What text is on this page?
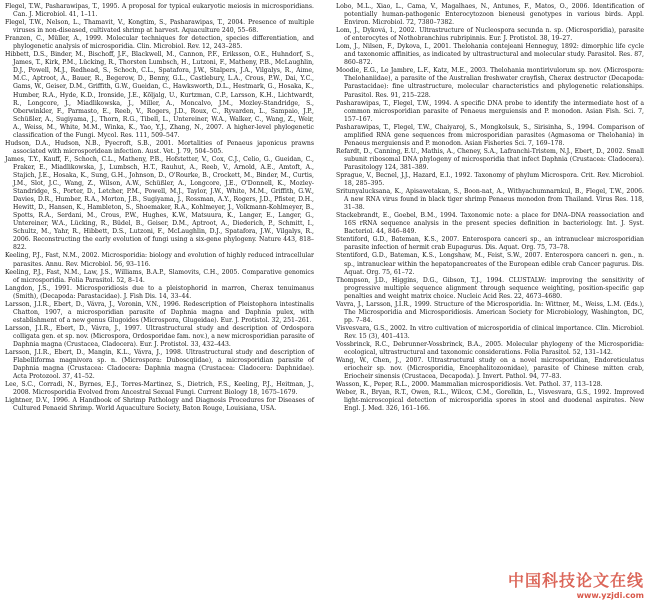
Flegel, T.W., Pasharawipas, T., 1995. A proposal for typical eukaryotic meiosis in microsporidians. Can. J. Microbiol. 41, 1–11.

Flegel, T.W., Nelson, L., Thamavit, V., Kongtim, S., Pasharawipas, T., 2004. Presence of multiple viruses in non-diseased, cultivated shrimp at harvest. Aquaculture 240, 55–68.

Franzen, C., Müller, A., 1999. Molecular techniques for detection, species differentiation, and phylogenetic analysis of microsporidia. Clin. Microbiol. Rev. 12, 243–285.

Hibbett, D.S., Binder, M., Bischoff, J.F., Blackwell, M., Cannon, P.F., Eriksson, O.E., Huhndorf, S., James, T., Kirk, P.M., Lücking, R., Thorsten Lumbsch, H., Lutzoni, F., Matheny, P.B., McLaughlin, D.J., Powell, M.J., Redhead, S., Schoch, C.L., Spatafora, J.W., Stalpers, J.A., Vilgalys, R., Aime, M.C., Aptroot, A., Bauer, R., Begerow, D., Benny, G.L., Castlebury, L.A., Crous, P.W., Dai, Y.C., Gams, W., Geiser, D.M., Griffith, G.W., Gueidan, C., Hawksworth, D.L., Hestmark, G., Hosaka, K., Humber, R.A., Hyde, K.D., Ironside, J.E., Kõljalg, U., Kurtzman, C.P., Larsson, K.H., Lichtwardt, R., Longcore, J., Miadlikowska, J., Miller, A., Moncalvo, J.M., Mozley-Standridge, S., Oberwinkler, F., Parmasto, E., Reeb, V., Rogers, J.D., Roux, C., Ryvarden, L., Sampaio, J.P., Schüßler, A., Sugiyama, J., Thorn, R.G., Tibell, L., Untereiner, W.A., Walker, C., Wang, Z., Weir, A., Weiss, M., White, M.M., Winka, K., Yao, Y.J., Zhang, N., 2007. A higher-level phylogenetic classification of the Fungi. Mycol. Res. 111, 509–547.

Hudson, D.A., Hudson, N.B., Pyecroft, S.B., 2001. Mortalities of Penaeus japonicus prawns associated with microsporidean infection. Aust. Vet. J. 79, 504–505.

James, T.Y., Kauff, F., Schoch, C.L., Matheny, P.B., Hofstetter, V., Cox, C.J., Celio, G., Gueidan, C., Fraker, E., Miadlikowska, J., Lumbsch, H.T., Rauhut, A., Reeb, V., Arnold, A.E., Amtoft, A., Stajich, J.E., Hosaka, K., Sung, G.H., Johnson, D., O'Rourke, B., Crockett, M., Binder, M., Curtis, J.M., Slot, J.C., Wang, Z., Wilson, A.W., Schüßler, A., Longcore, J.E., O'Donnell, K., Mozley-Standridge, S., Porter, D., Letcher, P.M., Powell, M.J., Taylor, J.W., White, M.M., Griffith, G.W., Davies, D.R., Humber, R.A., Morton, J.B., Sugiyama, J., Rossman, A.Y., Rogers, J.D., Pfister, D.H., Hewitt, D., Hansen, K., Hambleton, S., Shoemaker, R.A., Kohlmeyer, J., Volkmann-Kohlmeyer, B., Spotts, R.A., Serdani, M., Crous, P.W., Hughes, K.W., Matsuura, K., Langer, E., Langer, G., Untereiner, W.A., Lücking, R., Büdel, B., Geiser, D.M., Aptroot, A., Diederich, P., Schmitt, I., Schultz, M., Yahr, R., Hibbett, D.S., Lutzoni, F., McLaughlin, D.J., Spatafora, J.W., Vilgalys, R., 2006. Reconstructing the early evolution of fungi using a six-gene phylogeny. Nature 443, 818–822.

Keeling, P.J., Fast, N.M., 2002. Microsporidia: biology and evolution of highly reduced intracellular parasites. Annu. Rev. Microbiol. 56, 93–116.

Keeling, P.J., Fast, N.M., Law, J.S., Williams, B.A.P., Slamovits, C.H., 2005. Comparative genomics of microsporidia. Folia Parasitol. 52, 8–14.

Langdon, J.S., 1991. Microsporidiosis due to a pleistophorid in marron, Cherax tenuimanus (Smith), (Decapoda: Parastacidae). J. Fish Dis. 14, 33–44.

Larsson, J.I.R., Ebert, D., Vávra, J., Voronin, V.N., 1996. Redescription of Pleistophora intestinalis Chatton, 1907, a microsporidian parasite of Daphnia magna and Daphnia pulex, with establishment of a new genus Glugoides (Microspora, Glugeidae). Eur. J. Protistol. 32, 251–261.

Larsson, J.I.R., Ebert, D., Vávra, J., 1997. Ultrastructural study and description of Ordospora colligata gen. et sp. nov. (Microspora, Ordosporidae fam. nov.), a new microsporidian parasite of Daphnia magna (Crustacea, Cladocera). Eur. J. Protistol. 33, 432–443.

Larsson, J.I.R., Ebert, D., Mangin, K.L., Vávra, J., 1998. Ultrastructural study and description of Flabelliforma magnivora sp. n. (Microspora: Duboscqiidae), a microsporidian parasite of Daphnia magna (Crustacea: Cladocera: Daphnia magna (Crustacea: Cladocera: Daphnidae). Acta Protozool. 37, 41–52.

Lee, S.C., Corradi, N., Byrnes, E.J., Torres-Martinez, S., Dietrich, F.S., Keeling, P.J., Heitman, J., 2008. Microsporidia Evolved from Ancestral Sexual Fungi. Current Biology 18, 1675–1679.

Lightner, D.V., 1996. A Handbook of Shrimp Pathology and Diagnosis Procedures for Diseases of Cultured Penaeid Shrimp. World Aquaculture Society, Baton Rouge, Louisiana, USA.

Lobo, M.L., Xiao, L., Cama, V., Magalhaes, N., Antunes, F., Matos, O., 2006. Identification of potentially human-pathogenic Enterocytozoon bieneusi genotypes in various birds. Appl. Environ. Microbiol. 72, 7380–7382.

Lom, J., Dyková, I., 2002. Ultrastructure of Nucleospora secunda n. sp. (Microsporidia), parasite of enterocytes of Nothobranchius rubripinnis. Eur. J. Protistol. 38, 19–27.

Lom, J., Nilsen, F., Dykova, I., 2001. Thelohania contejeani Henneguy, 1892: dimorphic life cycle and taxonomic affinities, as indicated by ultrastructural and molecular study. Parasitol. Res. 87, 860–872.

Moodie, E.G., Le Jambre, L.F., Katz, M.E., 2003. Thelohania montirivulorum sp. nov. (Microspora: Thelohaniidae), a parasite of the Australian freshwater crayfish, Cherax destructor (Decapoda: Parastacidae): fine ultrastructure, molecular characteristics and phylogenetic relationships. Parasitol. Res. 91, 215–228.

Pasharawipas, T., Flegel, T.W., 1994. A specific DNA probe to identify the intermediate host of a common microsporidian parasite of Penaeus merguiensis and P. monodon. Asian Fish. Sci. 7, 157–167.

Pasharawipas, T., Flegel, T.W., Chaiyaroj, S., Mongkolsuk, S., Sirisinha, S., 1994. Comparison of amplified RNA gene sequences from microsporidian parasites (Agmasoma or Thelohania) in Penaeus merguiensis and P. monodon. Asian Fisheries Sci. 7, 169–178.

Refardt, D., Canning, E.U., Mathis, A., Cheney, S.A., Lafranchi-Tristem, N.J., Ebert, D., 2002. Small subunit ribosomal DNA phylogeny of microsporidia that infect Daphnia (Crustacea: Cladocera). Parasitology 124, 381–389.

Sprague, V., Becnel, J.J., Hazard, E.I., 1992. Taxonomy of phylum Microspora. Crit. Rev. Microbiol. 18, 285–395.

Sritunyalucksana, K., Apisawetakan, S., Boon-nat, A., Withyachumnarnkul, B., Flegel, T.W., 2006. A new RNA virus found in black tiger shrimp Penaeus monodon from Thailand. Virus Res. 118, 31–38.

Stackebrandt, E., Goebel, B.M., 1994. Taxonomic note: a place for DNA–DNA reassociation and 16S rRNA sequence analysis in the present species definition in bacteriology. Int. J. Syst. Bacteriol. 44, 846–849.

Stentiford, G.D., Bateman, K.S., 2007. Enterospora canceri sp., an intranuclear microsporidian parasite infection of hermit crab Eupagurus. Dis. Aquat. Org. 75, 73–78.

Stentiford, G.D., Bateman, K.S., Longshaw, M., Feist, S.W., 2007. Enterospora canceri n. gen., n. sp., intranuclear within the hepatopancreates of the European edible crab Cancer pagurus. Dis. Aquat. Org. 75, 61–72.

Thompson, J.D., Higgins, D.G., Gibson, T.J., 1994. CLUSTALW: improving the sensitivity of progressive multiple sequence alignment through sequence weighting, position-specific gap penalties and weight matrix choice. Nucleic Acid Res. 22, 4673–4680.

Vavra, J., Larsson, J.I.R., 1999. Structure of the Microsporidia. In: Wittner, M., Weiss, L.M. (Eds.), The Microsporidia and Microsporidiosis. American Society for Microbiology, Washington, DC, pp. 7–84.

Visvesvara, G.S., 2002. In vitro cultivation of microsporidia of clinical importance. Clin. Microbiol. Rev. 15 (3), 401–413.

Vossbrinck, R.C., Debrunner-Vossbrinck, B.A., 2005. Molecular phylogeny of the Microsporidia: ecological, ultrastructural and taxonomic considerations. Folia Parasitol. 52, 131–142.

Wang, W., Chen, J., 2007. Ultrastructural study on a novel microsporidian, Endoreticulatus eriocheir sp. nov. (Microsporidia, Encephalitozoonidae), parasite of Chinese mitten crab, Eriocheir sinensis (Crustacea, Decapoda). J. Invert. Pathol. 94, 77–83.

Wasson, K., Peper, R.L., 2000. Mammalian microsporidiosis. Vet. Pathol. 37, 113–128.

Weber, R., Bryan, R.T., Owen, R.L., Wilcox, C.M., Gorelkin, L., Visvesvara, G.S., 1992. Improved light-microscopical detection of microsporidia spores in stool and duodenal aspirates. New Engl. J. Med. 326, 161–166.

中国科技论文在线
www.yzjdi.com
